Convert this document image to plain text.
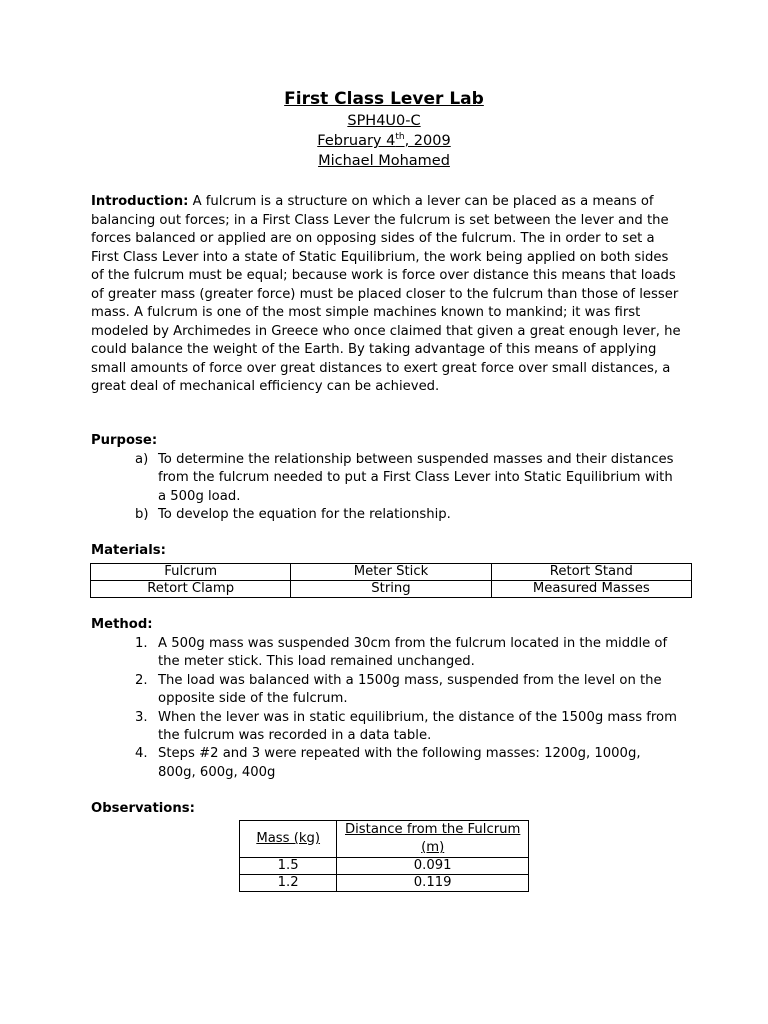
First Class Lever Lab
SPH4U0-C
February 4th, 2009
Michael Mohamed
Introduction: A fulcrum is a structure on which a lever can be placed as a means of balancing out forces; in a First Class Lever the fulcrum is set between the lever and the forces balanced or applied are on opposing sides of the fulcrum. The in order to set a First Class Lever into a state of Static Equilibrium, the work being applied on both sides of the fulcrum must be equal; because work is force over distance this means that loads of greater mass (greater force) must be placed closer to the fulcrum than those of lesser mass. A fulcrum is one of the most simple machines known to mankind; it was first modeled by Archimedes in Greece who once claimed that given a great enough lever, he could balance the weight of the Earth. By taking advantage of this means of applying small amounts of force over great distances to exert great force over small distances, a great deal of mechanical efficiency can be achieved.
Purpose:
a) To determine the relationship between suspended masses and their distances from the fulcrum needed to put a First Class Lever into Static Equilibrium with a 500g load.
b) To develop the equation for the relationship.
Materials:
Fulcrum	Meter Stick	Retort Stand
Retort Clamp	String	Measured Masses
Method:
1. A 500g mass was suspended 30cm from the fulcrum located in the middle of the meter stick. This load remained unchanged.
2. The load was balanced with a 1500g mass, suspended from the level on the opposite side of the fulcrum.
3. When the lever was in static equilibrium, the distance of the 1500g mass from the fulcrum was recorded in a data table.
4. Steps #2 and 3 were repeated with the following masses: 1200g, 1000g, 800g, 600g, 400g
Observations:
Mass (kg)	Distance from the Fulcrum (m)
1.5	0.091
1.2	0.119
